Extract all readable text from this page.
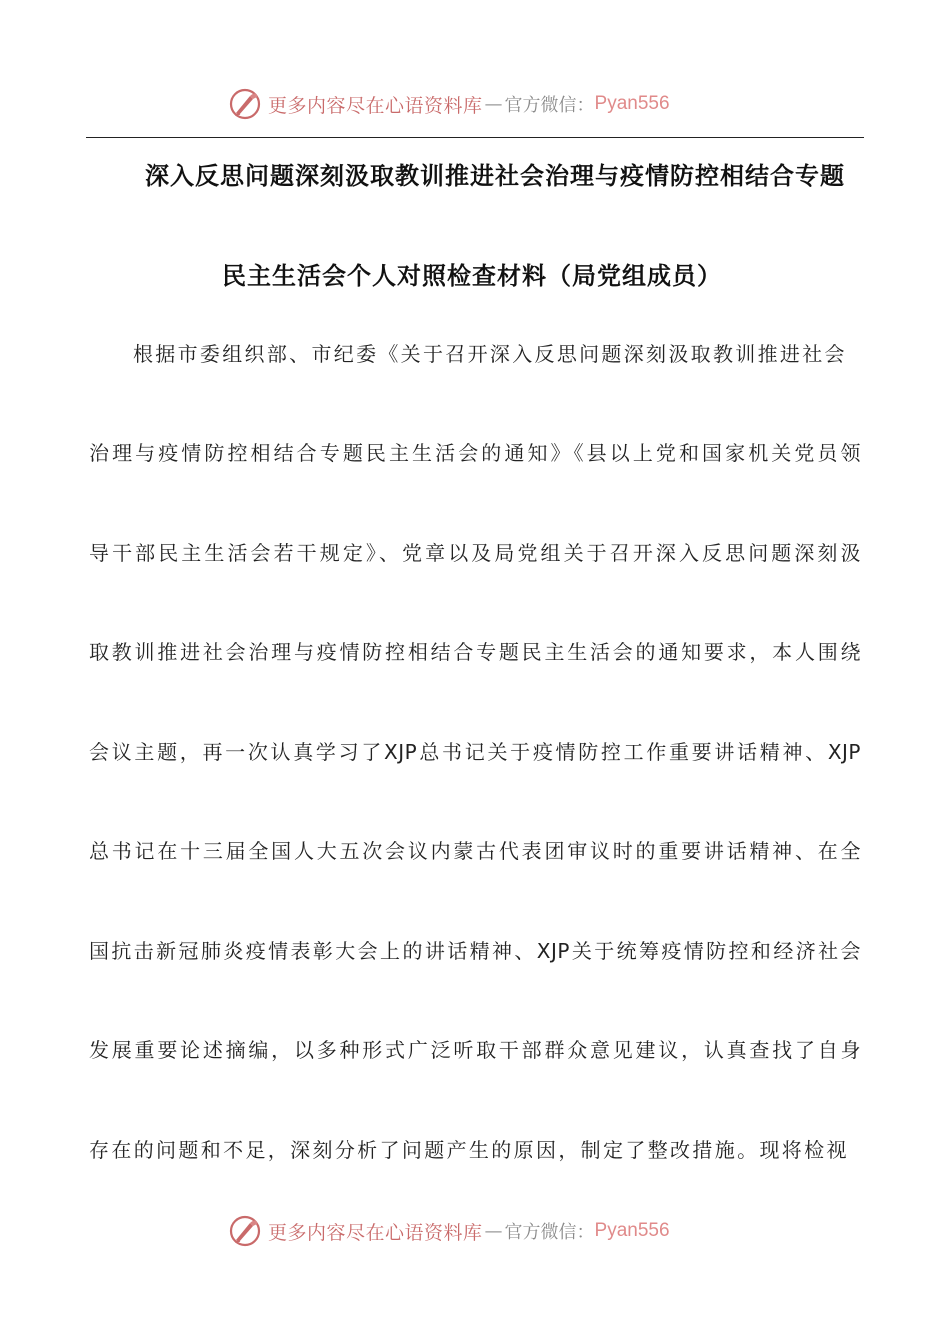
更多内容尽在心语资料库 — 官方微信： Pyan556
深入反思问题深刻汲取教训推进社会治理与疫情防控相结合专题
民主生活会个人对照检查材料（局党组成员）
根据市委组织部、市纪委《关于召开深入反思问题深刻汲取教训推进社会
治理与疫情防控相结合专题民主生活会的通知》《县以上党和国家机关党员领
导干部民主生活会若干规定》、党章以及局党组关于召开深入反思问题深刻汲
取教训推进社会治理与疫情防控相结合专题民主生活会的通知要求，本人围绕
会议主题，再一次认真学习了XJP总书记关于疫情防控工作重要讲话精神、XJP
总书记在十三届全国人大五次会议内蒙古代表团审议时的重要讲话精神、在全
国抗击新冠肺炎疫情表彰大会上的讲话精神、XJP关于统筹疫情防控和经济社会
发展重要论述摘编，以多种形式广泛听取干部群众意见建议，认真查找了自身
存在的问题和不足，深刻分析了问题产生的原因，制定了整改措施。现将检视
更多内容尽在心语资料库 — 官方微信： Pyan556
